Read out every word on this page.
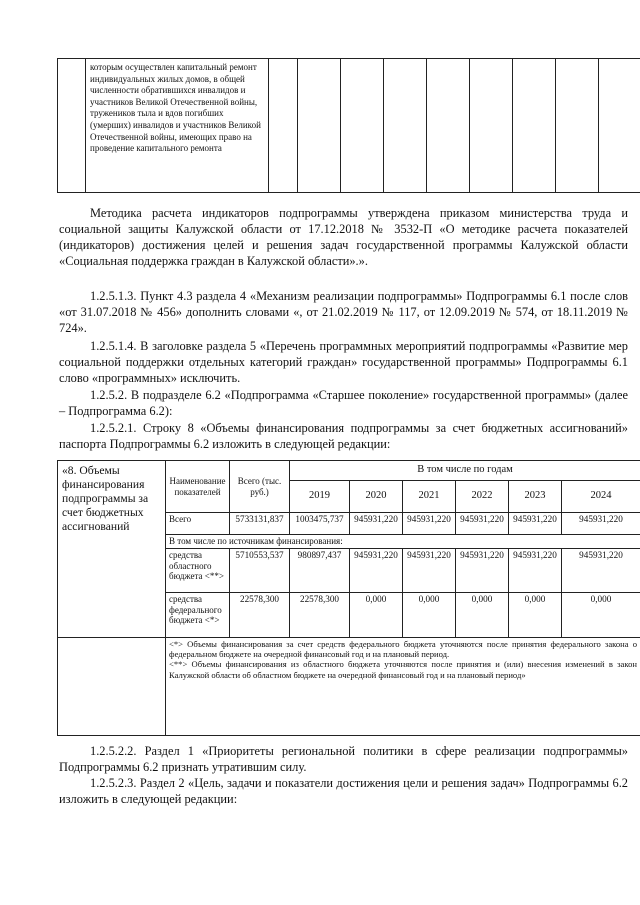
которым осуществлен капитальный ремонт индивидуальных жилых домов, в общей численности обратившихся инвалидов и участников Великой Отечественной войны, тружеников тыла и вдов погибших (умерших) инвалидов и участников Великой Отечественной войны, имеющих право на проведение капитального ремонта

Методика расчета индикаторов подпрограммы утверждена приказом министерства труда и социальной защиты Калужской области от 17.12.2018 № 3532-П «О методике расчета показателей (индикаторов) достижения целей и решения задач государственной программы Калужской области «Социальная поддержка граждан в Калужской области».».
1.2.5.1.3. Пункт 4.3 раздела 4 «Механизм реализации подпрограммы» Подпрограммы 6.1 после слов «от 31.07.2018 № 456» дополнить словами «, от 21.02.2019 № 117, от 12.09.2019 № 574, от 18.11.2019 № 724».
1.2.5.1.4. В заголовке раздела 5 «Перечень программных мероприятий подпрограммы «Развитие мер социальной поддержки отдельных категорий граждан» государственной программы» Подпрограммы 6.1 слово «программных» исключить.
1.2.5.2. В подразделе 6.2 «Подпрограмма «Старшее поколение» государственной программы» (далее – Подпрограмма 6.2):
1.2.5.2.1. Строку 8 «Объемы финансирования подпрограммы за счет бюджетных ассигнований» паспорта Подпрограммы 6.2 изложить в следующей редакции:
«8. Объемы финансирования подпрограммы за счет бюджетных ассигнований	Наименование показателей	Всего (тыс. руб.)	В том числе по годам					
			2019	2020	2021	2022	2023	2024
	Всего	5733131,837	1003475,737	945931,220	945931,220	945931,220	945931,220	945931,220
	В том числе по источникам финансирования:							
	средства областного бюджета <**>	5710553,537	980897,437	945931,220	945931,220	945931,220	945931,220	945931,220
	средства федерального бюджета <*>	22578,300	22578,300	0,000	0,000	0,000	0,000	0,000

	<*> Объемы финансирования за счет средств федерального бюджета уточняются после принятия федерального закона о федеральном бюджете на очередной финансовый год и на плановый период.
<**> Объемы финансирования из областного бюджета уточняются после принятия и (или) внесения изменений в закон Калужской области об областном бюджете на очередной финансовый год и на плановый период»							
1.2.5.2.2. Раздел 1 «Приоритеты региональной политики в сфере реализации подпрограммы» Подпрограммы 6.2 признать утратившим силу.
1.2.5.2.3. Раздел 2 «Цель, задачи и показатели достижения цели и решения задач» Подпрограммы 6.2 изложить в следующей редакции:
